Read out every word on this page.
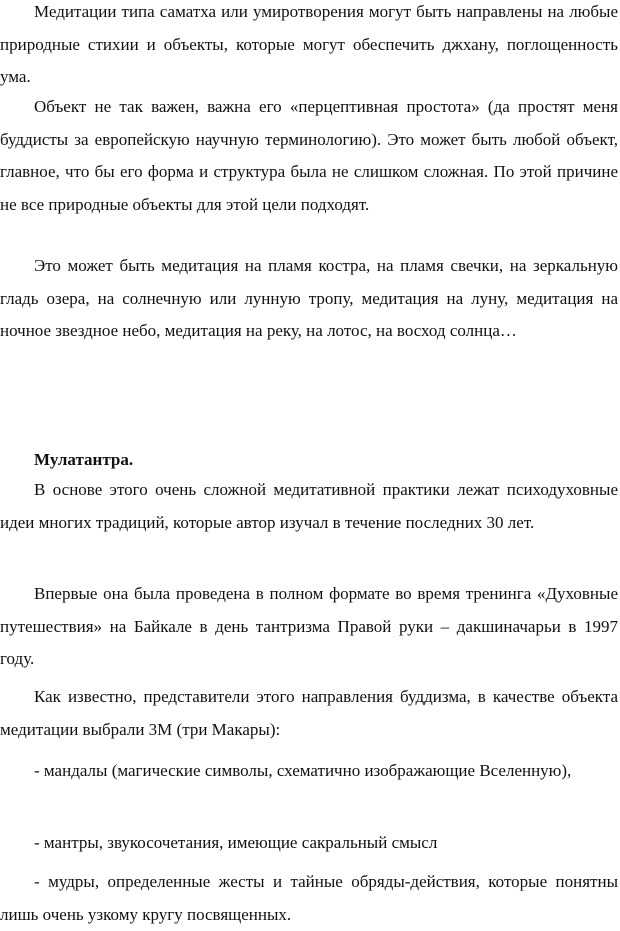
Медитации типа саматха или умиротворения могут быть направлены на любые природные стихии и объекты, которые могут обеспечить джхану, поглощенность ума.

Объект не так важен, важна его «перцептивная простота» (да простят меня буддисты за европейскую научную терминологию). Это может быть любой объект, главное, что бы его форма и структура была не слишком сложная. По этой причине не все природные объекты для этой цели подходят.

Это может быть медитация на пламя костра, на пламя свечки, на зеркальную гладь озера, на солнечную или лунную тропу, медитация на луну, медитация на ночное звездное небо, медитация на реку, на лотос, на восход солнца…

Мулатантра.

В основе этого очень сложной медитативной практики лежат психодуховные идеи многих традиций, которые автор изучал в течение последних 30 лет.

Впервые она была проведена в полном формате во время тренинга «Духовные путешествия» на Байкале в день тантризма Правой руки – дакшиначарьи в 1997 году.

Как известно, представители этого направления буддизма, в качестве объекта медитации выбрали 3М (три Макары):

- мандалы (магические символы, схематично изображающие Вселенную),

- мантры, звукосочетания, имеющие сакральный смысл

- мудры, определенные жесты и тайные обряды-действия, которые понятны лишь очень узкому кругу посвященных.
